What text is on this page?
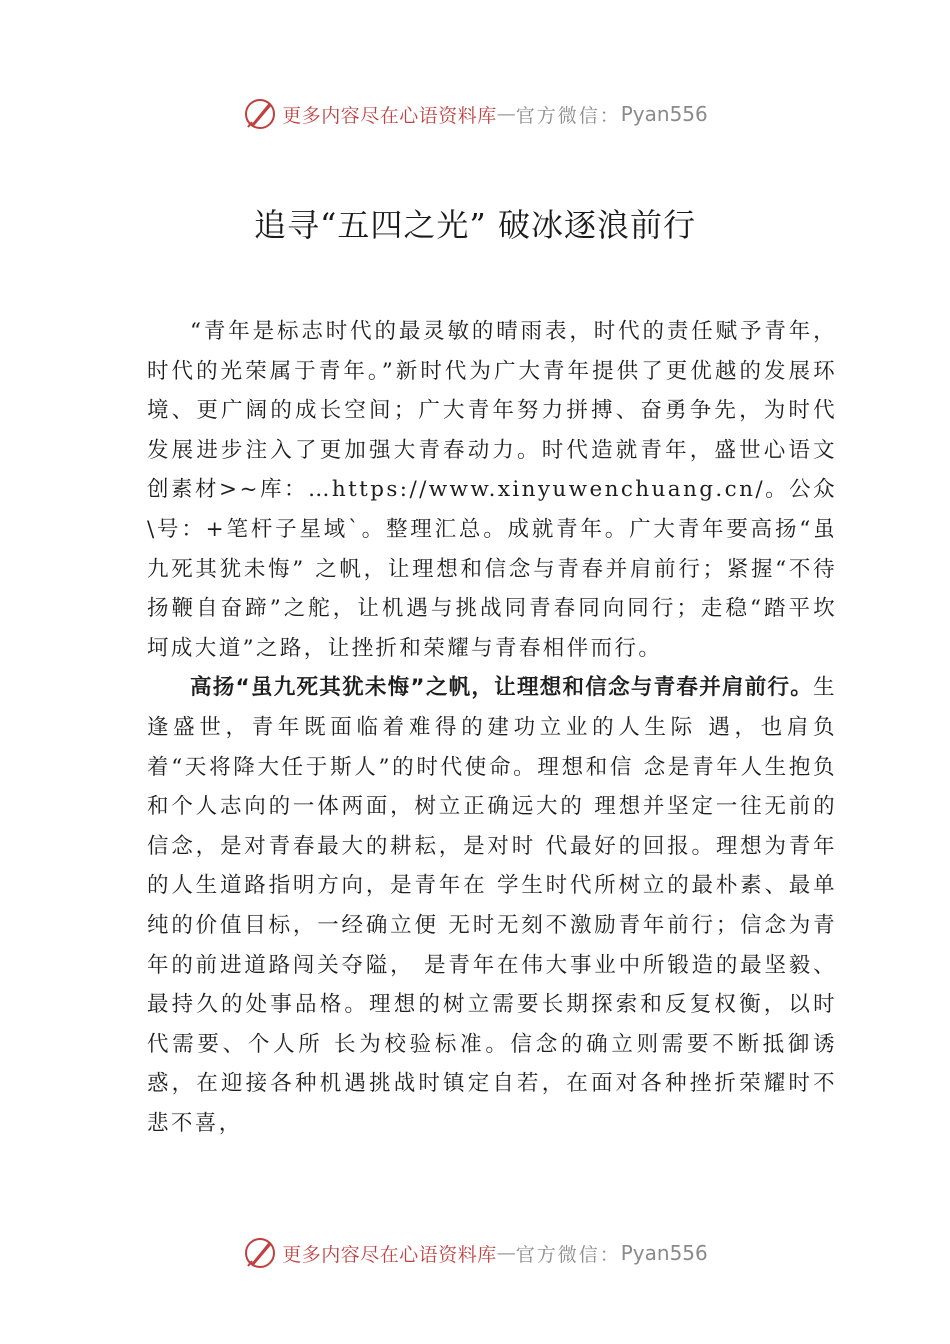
更多内容尽在心语资料库 — 官方微信： Pyan556
追寻“五四之光” 破冰逐浪前行

“青年是标志时代的最灵敏的晴雨表，时代的责任赋予青年，时代的光荣属于青年。”新时代为广大青年提供了更优越的发展环境、更广阔的成长空间；广大青年努力拼搏、奋勇争先，为时代发展进步注入了更加强大青春动力。时代造就青年，盛世心语文创素材>~库：…https://www.xinyuwenchuang.cn/。公众\号：+笔杆子星域`。整理汇总。成就青年。广大青年要高扬“虽九死其犹未悔” 之帆，让理想和信念与青春并肩前行；紧握“不待扬鞭自奋蹄”之舵，让机遇与挑战同青春同向同行；走稳“踏平坎坷成大道”之路，让挫折和荣耀与青春相伴而行。

高扬“虽九死其犹未悔”之帆，让理想和信念与青春并肩前行。生逢盛世，青年既面临着难得的建功立业的人生际 遇，也肩负着“天将降大任于斯人”的时代使命。理想和信 念是青年人生抱负和个人志向的一体两面，树立正确远大的 理想并坚定一往无前的信念，是对青春最大的耕耘，是对时 代最好的回报。理想为青年的人生道路指明方向，是青年在 学生时代所树立的最朴素、最单纯的价值目标，一经确立便 无时无刻不激励青年前行；信念为青年的前进道路闯关夺隘， 是青年在伟大事业中所锻造的最坚毅、最持久的处事品格。理想的树立需要长期探索和反复权衡，以时代需要、个人所 长为校验标准。信念的确立则需要不断抵御诱惑，在迎接各种机遇挑战时镇定自若，在面对各种挫折荣耀时不悲不喜，

更多内容尽在心语资料库 — 官方微信： Pyan556
